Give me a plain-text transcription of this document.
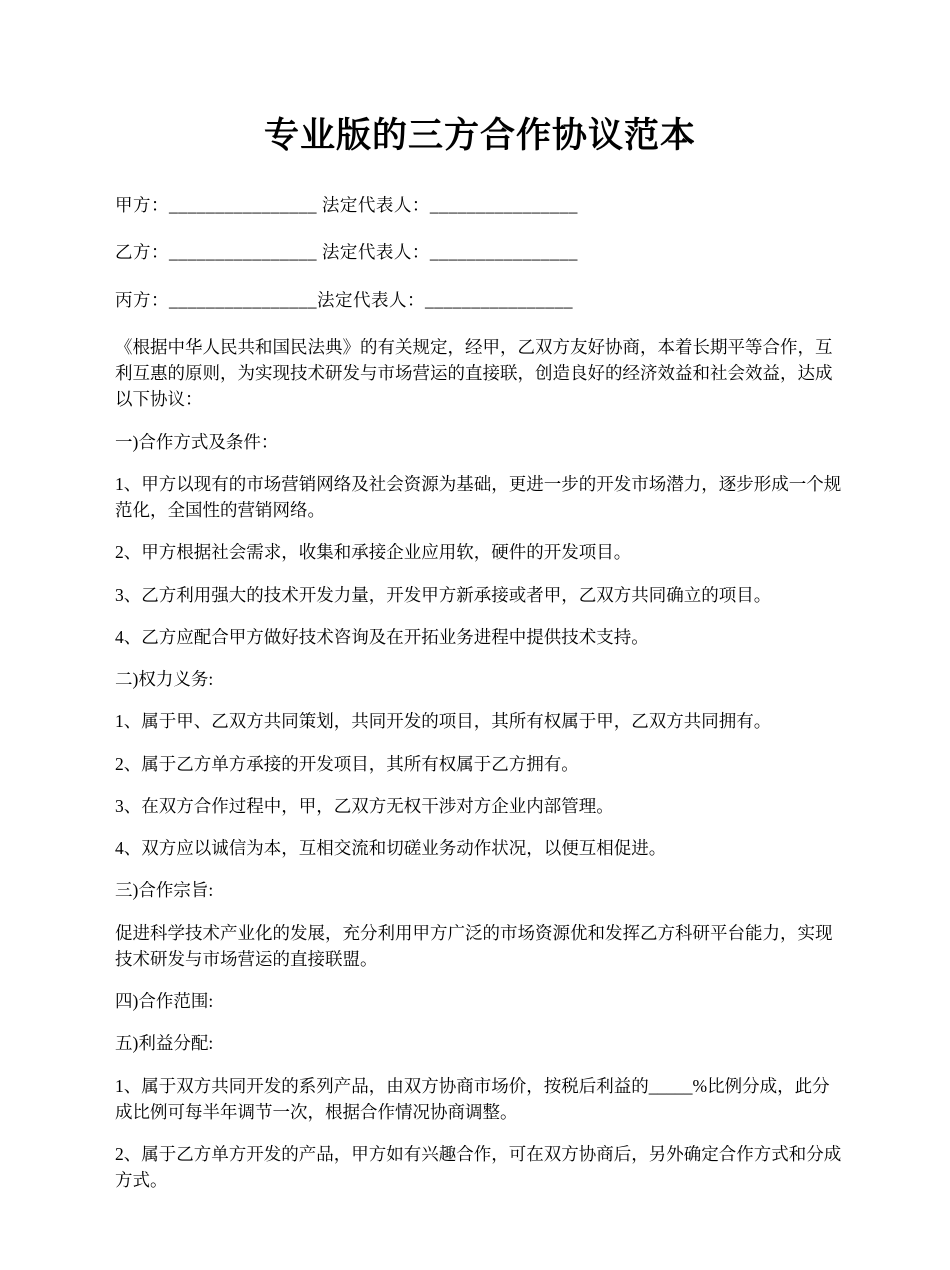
专业版的三方合作协议范本

甲方：________________ 法定代表人：________________

乙方：________________ 法定代表人：________________

丙方：________________法定代表人：________________

《根据中华人民共和国民法典》的有关规定，经甲，乙双方友好协商，本着长期平等合作，互利互惠的原则，为实现技术研发与市场营运的直接联，创造良好的经济效益和社会效益，达成以下协议：

一)合作方式及条件：

1、甲方以现有的市场营销网络及社会资源为基础，更进一步的开发市场潜力，逐步形成一个规范化，全国性的营销网络。

2、甲方根据社会需求，收集和承接企业应用软，硬件的开发项目。

3、乙方利用强大的技术开发力量，开发甲方新承接或者甲，乙双方共同确立的项目。

4、乙方应配合甲方做好技术咨询及在开拓业务进程中提供技术支持。

二)权力义务:

1、属于甲、乙双方共同策划，共同开发的项目，其所有权属于甲，乙双方共同拥有。

2、属于乙方单方承接的开发项目，其所有权属于乙方拥有。

3、在双方合作过程中，甲，乙双方无权干涉对方企业内部管理。

4、双方应以诚信为本，互相交流和切磋业务动作状况，以便互相促进。

三)合作宗旨:

促进科学技术产业化的发展，充分利用甲方广泛的市场资源优和发挥乙方科研平台能力，实现技术研发与市场营运的直接联盟。

四)合作范围:

五)利益分配:

1、属于双方共同开发的系列产品，由双方协商市场价，按税后利益的_____%比例分成，此分成比例可每半年调节一次，根据合作情况协商调整。

2、属于乙方单方开发的产品，甲方如有兴趣合作，可在双方协商后，另外确定合作方式和分成方式。
